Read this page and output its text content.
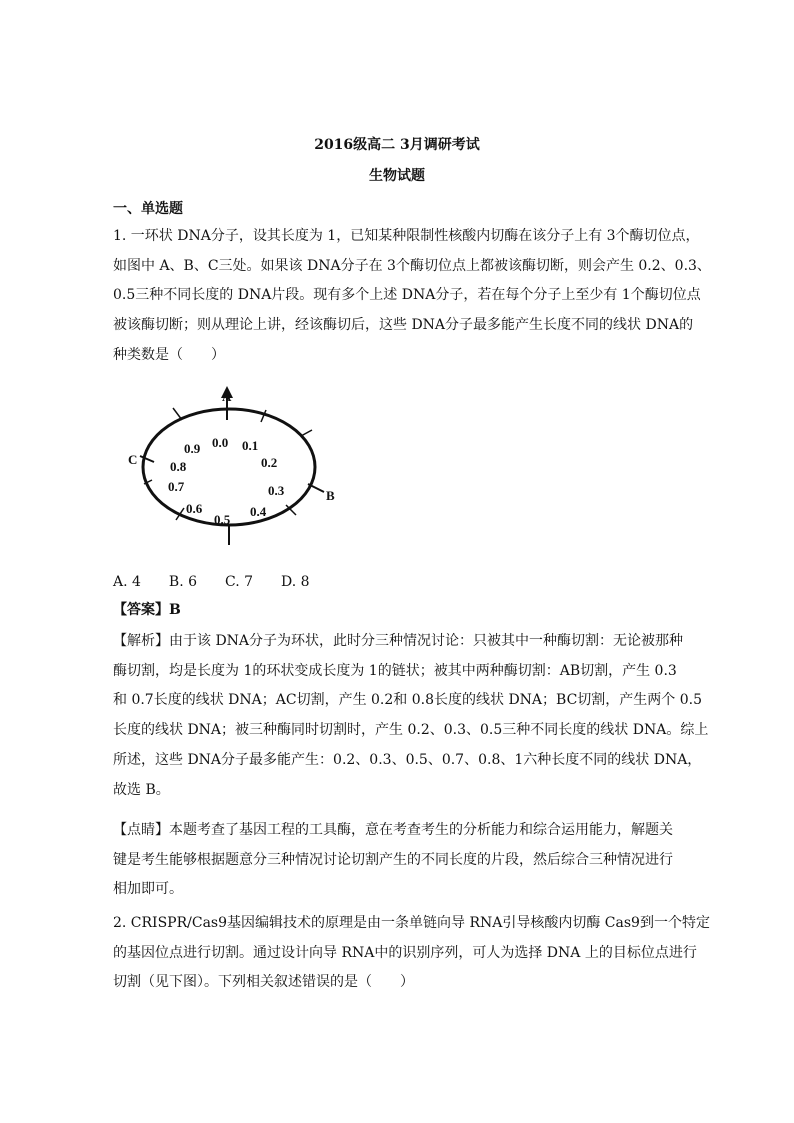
2016级高二 3月调研考试
生物试题
一、单选题

1. 一环状 DNA分子，设其长度为 1，已知某种限制性核酸内切酶在该分子上有 3个酶切位点，

如图中 A、B、C三处。如果该 DNA分子在 3个酶切位点上都被该酶切断，则会产生 0.2、0.3、

0.5三种不同长度的 DNA片段。现有多个上述 DNA分子，若在每个分子上至少有 1个酶切位点

被该酶切断；则从理论上讲，经该酶切后，这些 DNA分子最多能产生长度不同的线状 DNA的

种类数是（　　）

A
B
C
0.0 0.1
0.2
0.3
0.4
0.5
0.6
0.7
0.8
0.9
A. 4　　B. 6　　C. 7　　D. 8

【答案】B

【解析】由于该 DNA分子为环状，此时分三种情况讨论：只被其中一种酶切割：无论被那种

酶切割，均是长度为 1的环状变成长度为 1的链状；被其中两种酶切割：AB切割，产生 0.3

和 0.7长度的线状 DNA；AC切割，产生 0.2和 0.8长度的线状 DNA；BC切割，产生两个 0.5

长度的线状 DNA；被三种酶同时切割时，产生 0.2、0.3、0.5三种不同长度的线状 DNA。综上

所述，这些 DNA分子最多能产生：0.2、0.3、0.5、0.7、0.8、1六种长度不同的线状 DNA，

故选 B。

【点睛】本题考查了基因工程的工具酶，意在考查考生的分析能力和综合运用能力，解题关

键是考生能够根据题意分三种情况讨论切割产生的不同长度的片段，然后综合三种情况进行

相加即可。

2. CRISPR/Cas9基因编辑技术的原理是由一条单链向导 RNA引导核酸内切酶 Cas9到一个特定

的基因位点进行切割。通过设计向导 RNA中的识别序列，可人为选择 DNA 上的目标位点进行

切割（见下图）。下列相关叙述错误的是（　　）
